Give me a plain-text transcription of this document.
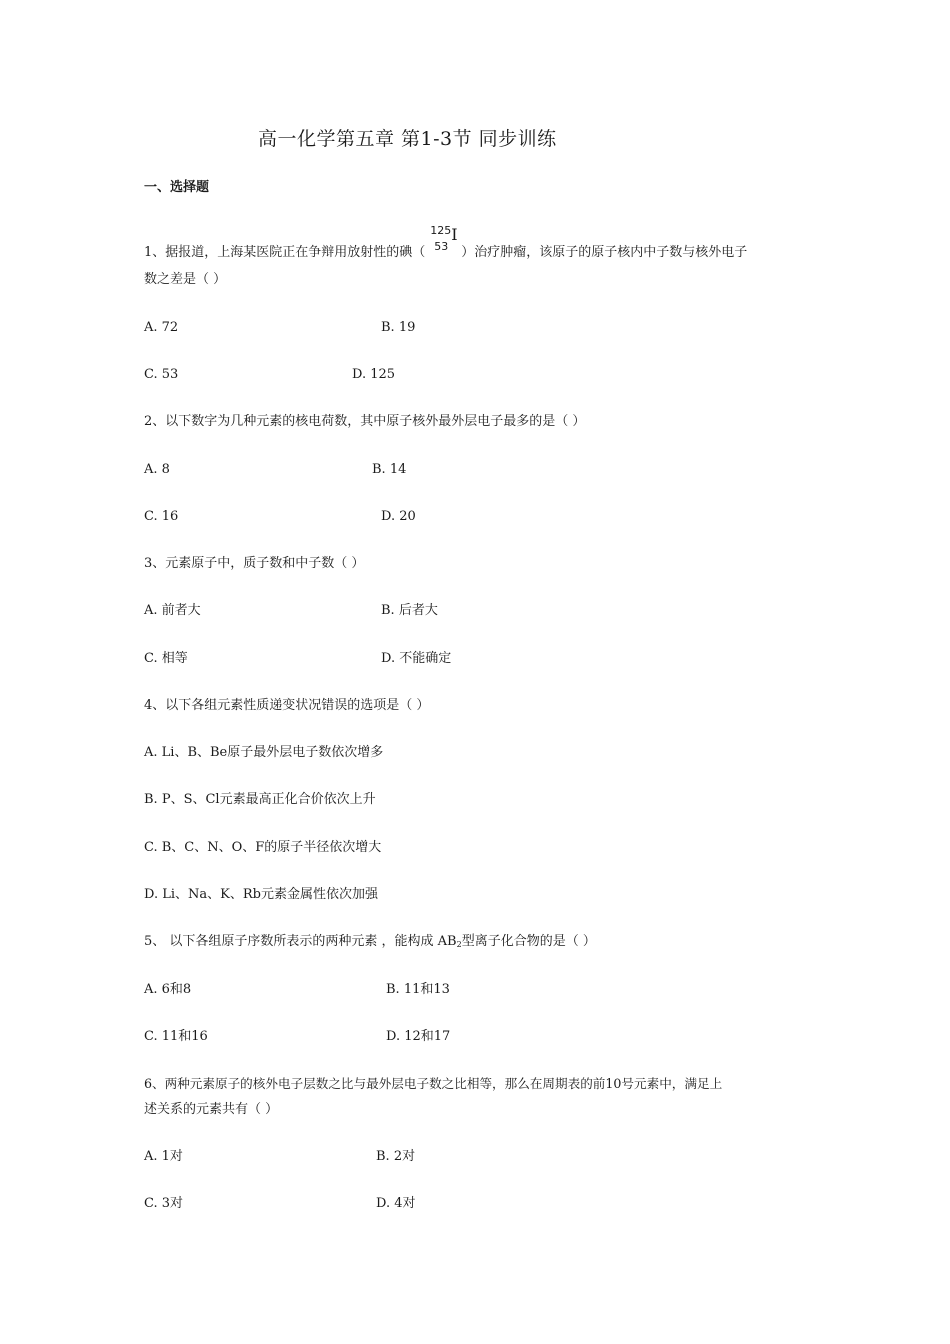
高一化学第五章 第1-3节 同步训练
一、选择题
1、据报道，上海某医院正在争辩用放射性的碘（
125
53
I
）治疗肿瘤，该原子的原子核内中子数与核外电子
数之差是（ ）
A. 72	B. 19
C. 53	D. 125
2、以下数字为几种元素的核电荷数，其中原子核外最外层电子最多的是（ ）
A. 8	B. 14
C. 16	D. 20
3、元素原子中，质子数和中子数（ ）
A. 前者大	B. 后者大
C. 相等	D. 不能确定
4、以下各组元素性质递变状况错误的选项是（ ）
A. Li、B、Be原子最外层电子数依次增多
B. P、S、Cl元素最高正化合价依次上升
C. B、C、N、O、F的原子半径依次增大
D. Li、Na、K、Rb元素金属性依次加强
5、 以下各组原子序数所表示的两种元素 ，能构成 $AB_2$型离子化合物的是（ ）
A. 6和8	B. 11和13
C. 11和16	D. 12和17
6、两种元素原子的核外电子层数之比与最外层电子数之比相等，那么在周期表的前10号元素中，满足上
述关系的元素共有（ ）
A. 1对	B. 2对
C. 3对	D. 4对
